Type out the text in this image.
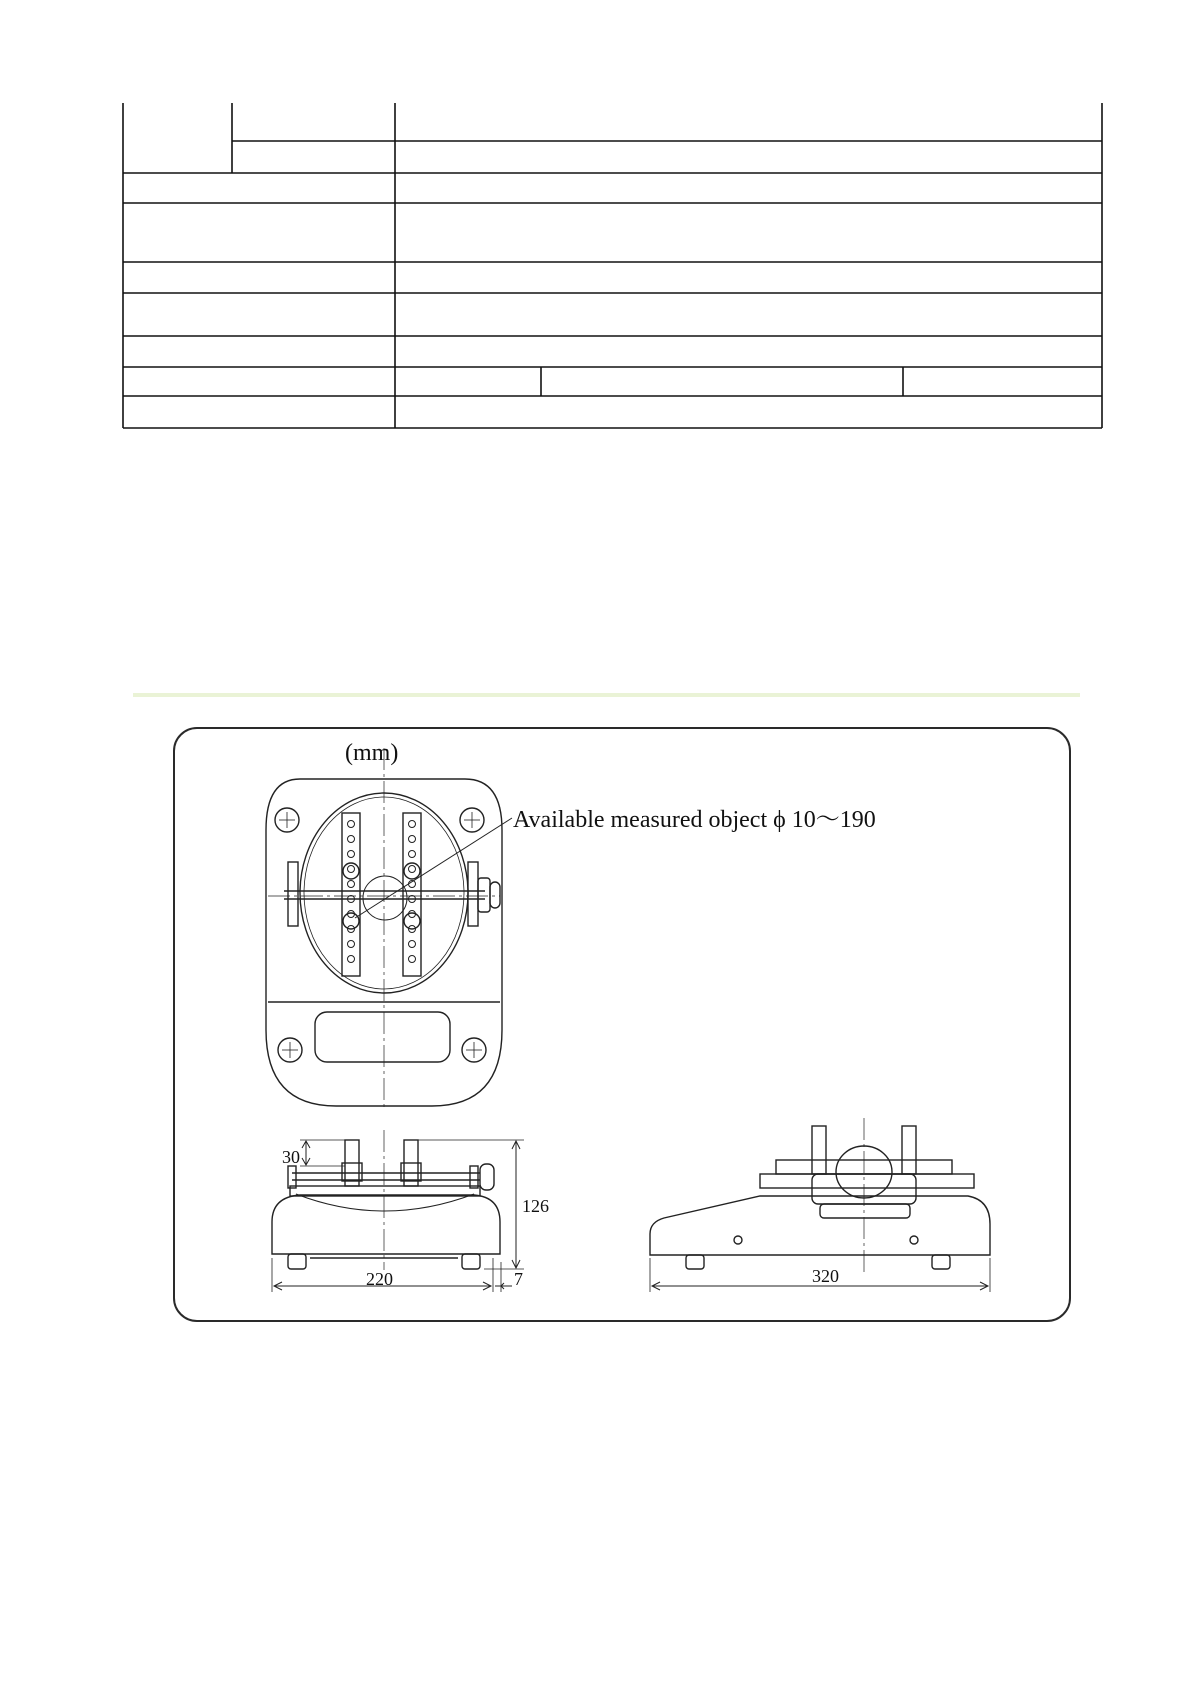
(mm)
Available measured object ϕ 10〜190
30
126
220	7	320
